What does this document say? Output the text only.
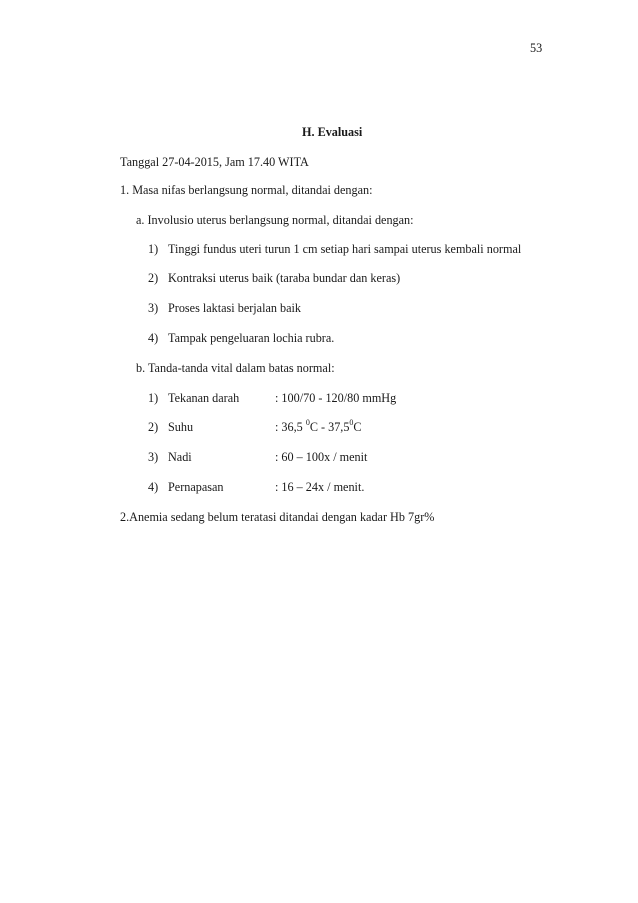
53
H. Evaluasi
Tanggal 27-04-2015, Jam 17.40 WITA
1. Masa nifas berlangsung normal, ditandai dengan:
a. Involusio uterus berlangsung normal, ditandai dengan:
1) Tinggi fundus uteri turun 1 cm setiap hari sampai uterus kembali normal
2) Kontraksi uterus baik (taraba bundar dan keras)
3) Proses laktasi berjalan baik
4) Tampak pengeluaran lochia rubra.
b. Tanda-tanda vital dalam batas normal:
1) Tekanan darah	: 100/70 - 120/80 mmHg
2) Suhu	: 36,5 $^0$C - 37,5$^0$C
3) Nadi	: 60 – 100x / menit
4) Pernapasan	: 16 – 24x / menit.
2.Anemia sedang belum teratasi ditandai dengan kadar Hb 7gr%
